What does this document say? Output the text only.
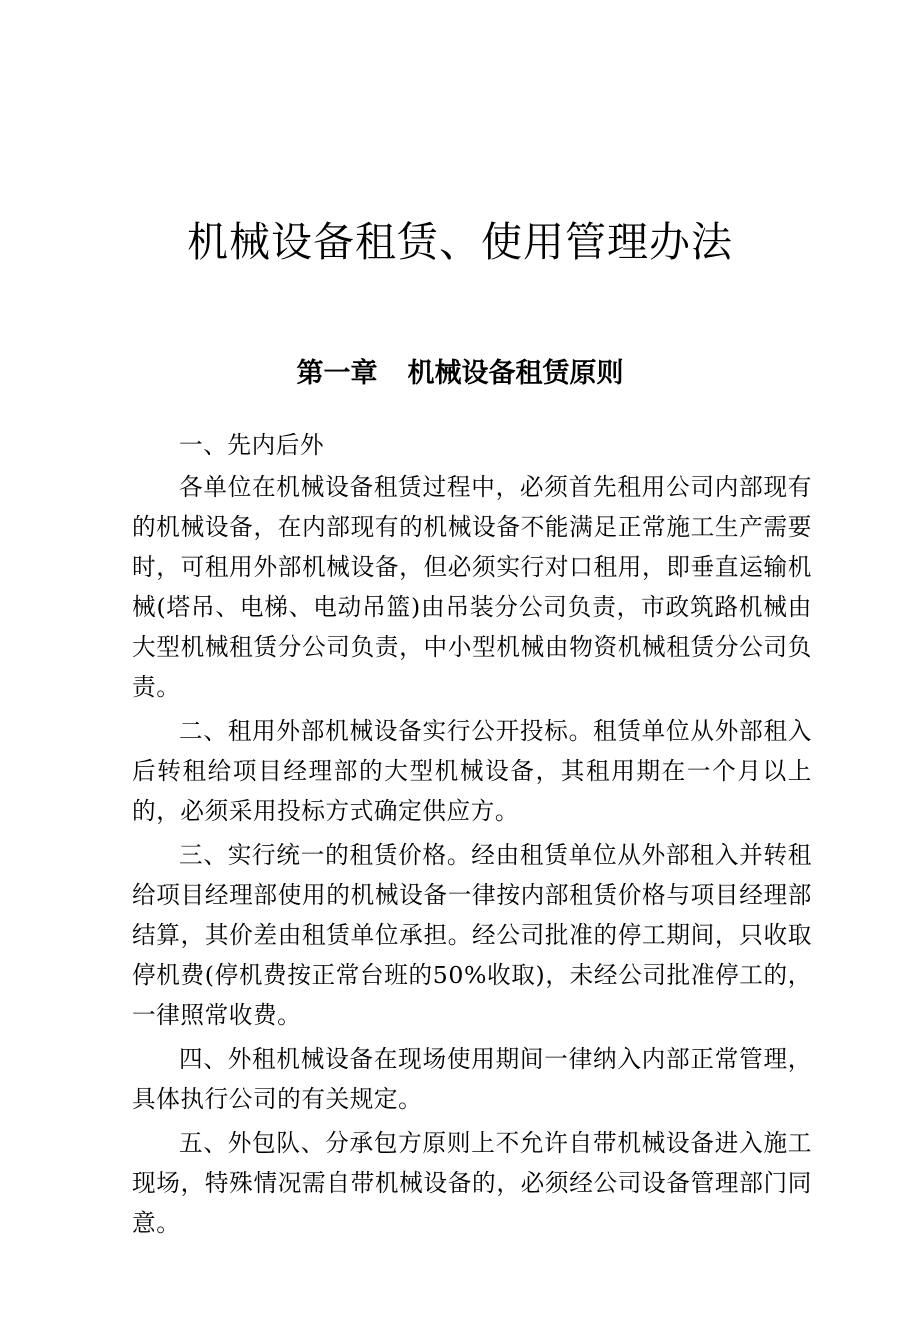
机械设备租赁、使用管理办法
第一章 机械设备租赁原则

一、先内后外

各单位在机械设备租赁过程中，必须首先租用公司内部现有的机械设备，在内部现有的机械设备不能满足正常施工生产需要时，可租用外部机械设备，但必须实行对口租用，即垂直运输机械(塔吊、电梯、电动吊篮)由吊装分公司负责，市政筑路机械由大型机械租赁分公司负责，中小型机械由物资机械租赁分公司负责。

二、租用外部机械设备实行公开投标。租赁单位从外部租入后转租给项目经理部的大型机械设备，其租用期在一个月以上的，必须采用投标方式确定供应方。

三、实行统一的租赁价格。经由租赁单位从外部租入并转租给项目经理部使用的机械设备一律按内部租赁价格与项目经理部结算，其价差由租赁单位承担。经公司批准的停工期间，只收取停机费(停机费按正常台班的50%收取)，未经公司批准停工的，一律照常收费。

四、外租机械设备在现场使用期间一律纳入内部正常管理，具体执行公司的有关规定。

五、外包队、分承包方原则上不允许自带机械设备进入施工现场，特殊情况需自带机械设备的，必须经公司设备管理部门同意。
